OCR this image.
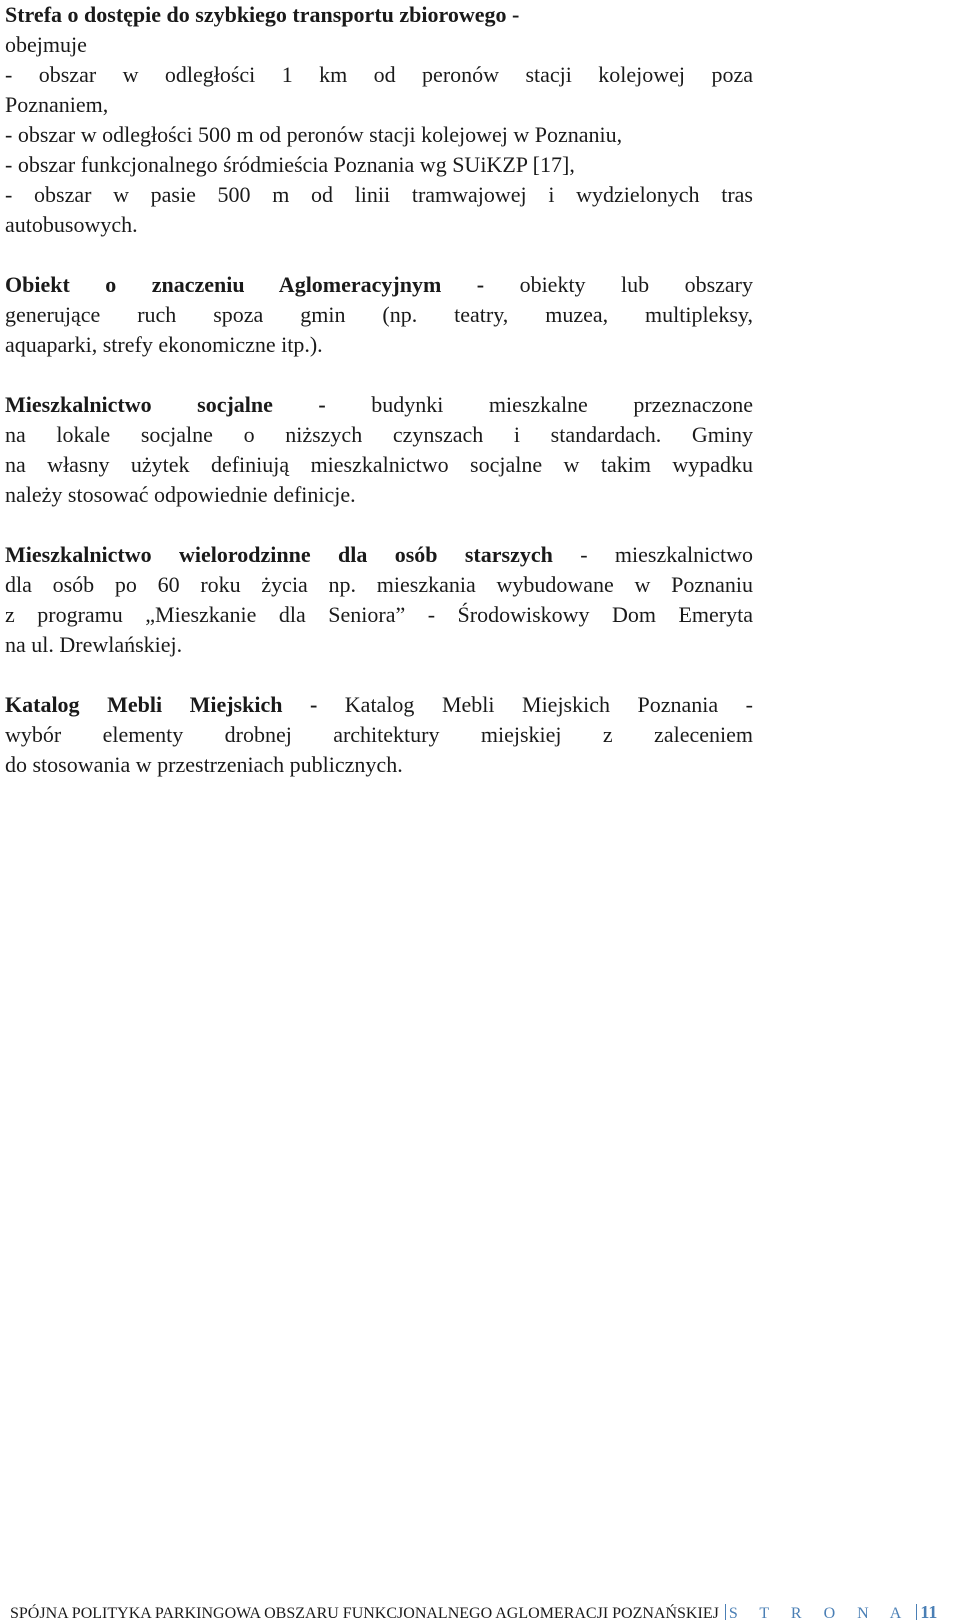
Strefa o dostępie do szybkiego transportu zbiorowego -
obejmuje
- obszar w odległości 1 km od peronów stacji kolejowej poza
Poznaniem,
- obszar w odległości 500 m od peronów stacji kolejowej w Poznaniu,
- obszar funkcjonalnego śródmieścia Poznania wg SUiKZP [17],
- obszar w pasie 500 m od linii tramwajowej i wydzielonych tras
autobusowych.
Obiekt o znaczeniu Aglomeracyjnym - obiekty lub obszary
generujące ruch spoza gmin (np. teatry, muzea, multipleksy,
aquaparki, strefy ekonomiczne itp.).
Mieszkalnictwo socjalne - budynki mieszkalne przeznaczone
na lokale socjalne o niższych czynszach i standardach. Gminy
na własny użytek definiują mieszkalnictwo socjalne w takim wypadku
należy stosować odpowiednie definicje.
Mieszkalnictwo wielorodzinne dla osób starszych - mieszkalnictwo
dla osób po 60 roku życia np. mieszkania wybudowane w Poznaniu
z programu „Mieszkanie dla Seniora” - Środowiskowy Dom Emeryta
na ul. Drewlańskiej.
Katalog Mebli Miejskich - Katalog Mebli Miejskich Poznania -
wybór elementy drobnej architektury miejskiej z zaleceniem
do stosowania w przestrzeniach publicznych.
SPÓJNA POLITYKA PARKINGOWA OBSZARU FUNKCJONALNEGO AGLOMERACJI POZNAŃSKIEJ S T R O N A 11
